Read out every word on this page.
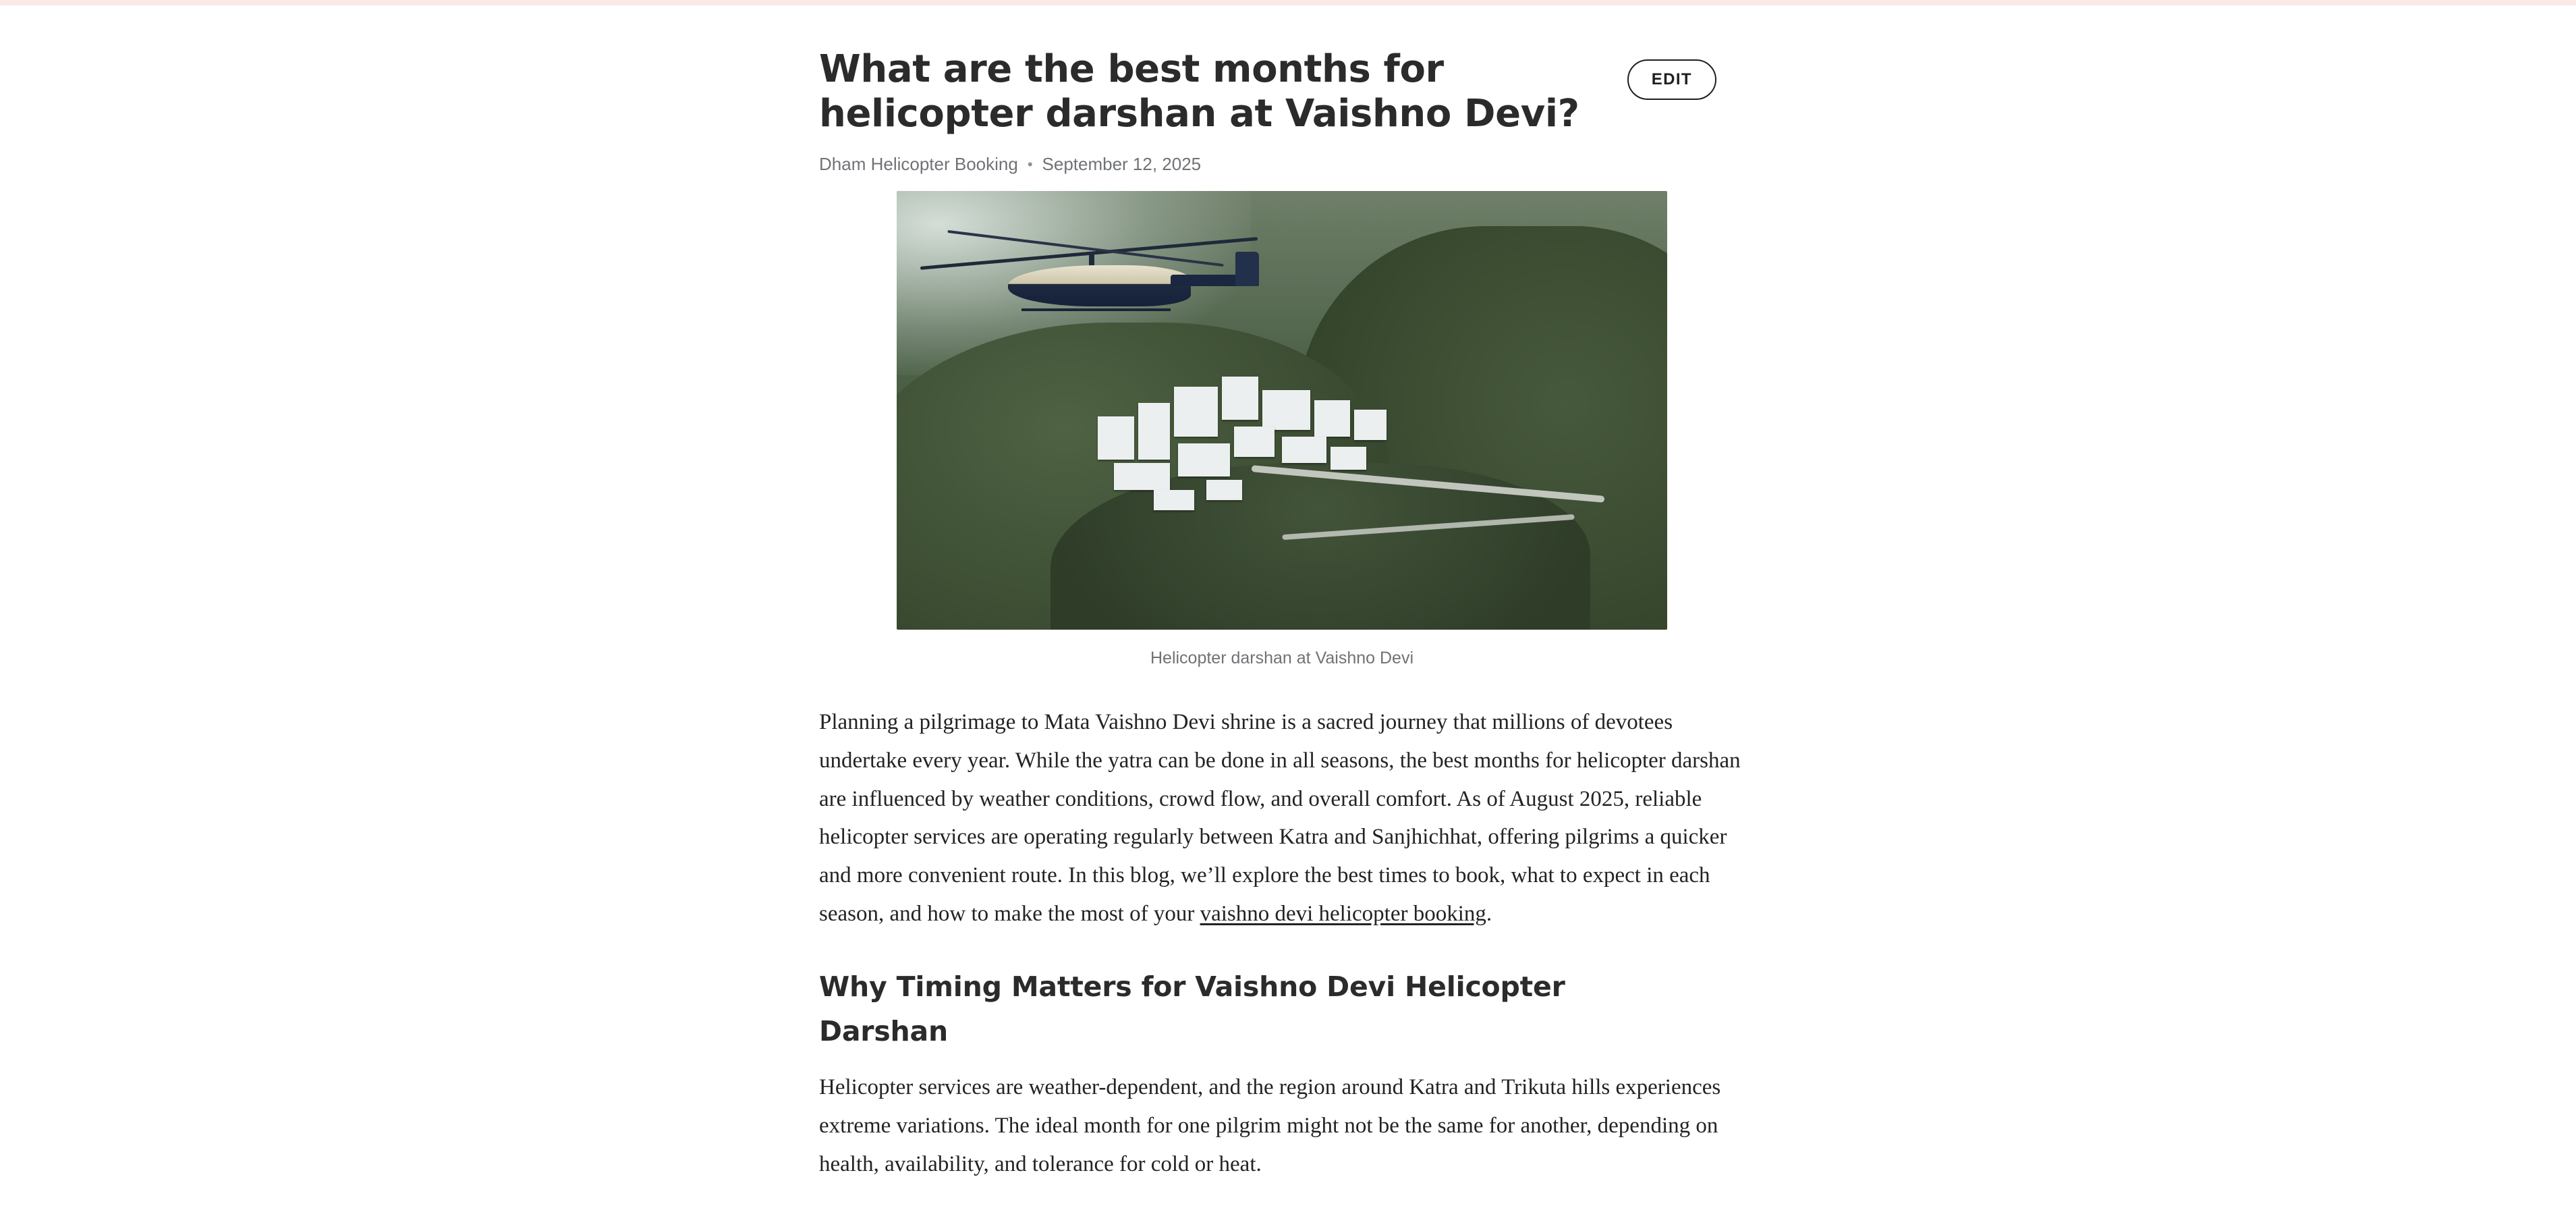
What are the best months for helicopter darshan at Vaishno Devi?
EDIT
Dham Helicopter Booking • September 12, 2025
Helicopter darshan at Vaishno Devi

Planning a pilgrimage to Mata Vaishno Devi shrine is a sacred journey that millions of devotees undertake every year. While the yatra can be done in all seasons, the best months for helicopter darshan are influenced by weather conditions, crowd flow, and overall comfort. As of August 2025, reliable helicopter services are operating regularly between Katra and Sanjhichhat, offering pilgrims a quicker and more convenient route. In this blog, we’ll explore the best times to book, what to expect in each season, and how to make the most of your vaishno devi helicopter booking.

Why Timing Matters for Vaishno Devi Helicopter Darshan

Helicopter services are weather-dependent, and the region around Katra and Trikuta hills experiences extreme variations. The ideal month for one pilgrim might not be the same for another, depending on health, availability, and tolerance for cold or heat.
